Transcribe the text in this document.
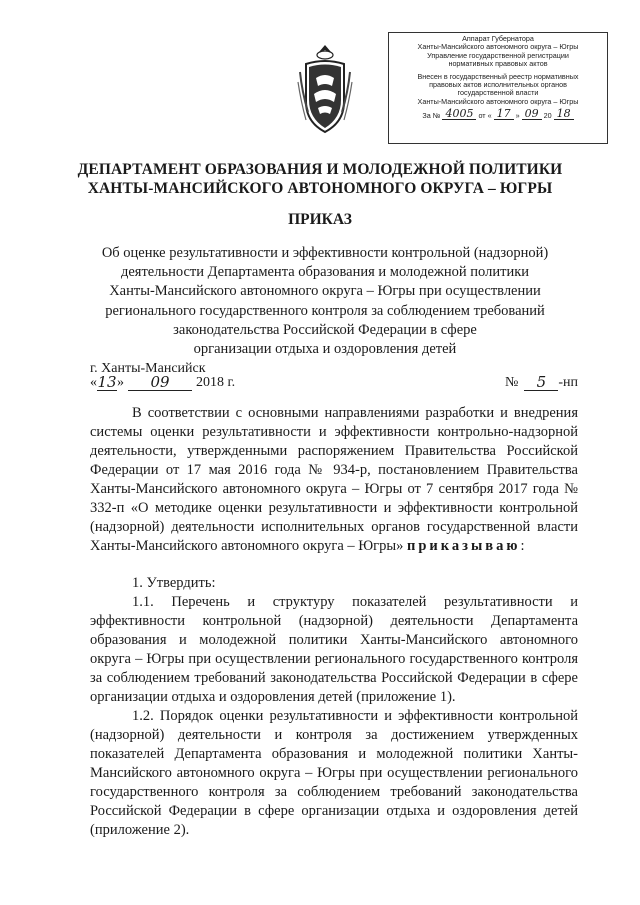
Аппарат Губернатора
Ханты-Мансийского автономного округа – Югры
Управление государственной регистрации
нормативных правовых актов
Внесен в государственный реестр нормативных
правовых актов исполнительных органов
государственной власти
Ханты-Мансийского автономного округа – Югры
За № 4005 от « 17 » 09 20 18
ДЕПАРТАМЕНТ ОБРАЗОВАНИЯ И МОЛОДЕЖНОЙ ПОЛИТИКИ
ХАНТЫ-МАНСИЙСКОГО АВТОНОМНОГО ОКРУГА – ЮГРЫ
ПРИКАЗ
Об оценке результативности и эффективности контрольной (надзорной)
деятельности Департамента образования и молодежной политики
Ханты-Мансийского автономного округа – Югры при осуществлении
регионального государственного контроля за соблюдением требований
законодательства Российской Федерации в сфере
организации отдыха и оздоровления детей
г. Ханты-Мансийск
« 13 »	09	2018 г.	№	5 -нп

В соответствии с основными направлениями разработки и внедрения системы оценки результативности и эффективности контрольно-надзорной деятельности, утвержденными распоряжением Правительства Российской Федерации от 17 мая 2016 года № 934-р, постановлением Правительства Ханты-Мансийского автономного округа – Югры от 7 сентября 2017 года № 332-п «О методике оценки результативности и эффективности контрольной (надзорной) деятельности исполнительных органов государственной власти Ханты-Мансийского автономного округа – Югры» приказываю:

1. Утвердить:

1.1. Перечень и структуру показателей результативности и эффективности контрольной (надзорной) деятельности Департамента образования и молодежной политики Ханты-Мансийского автономного округа – Югры при осуществлении регионального государственного контроля за соблюдением требований законодательства Российской Федерации в сфере организации отдыха и оздоровления детей (приложение 1).

1.2. Порядок оценки результативности и эффективности контрольной (надзорной) деятельности и контроля за достижением утвержденных показателей Департамента образования и молодежной политики Ханты-Мансийского автономного округа – Югры при осуществлении регионального государственного контроля за соблюдением требований законодательства Российской Федерации в сфере организации отдыха и оздоровления детей (приложение 2).
